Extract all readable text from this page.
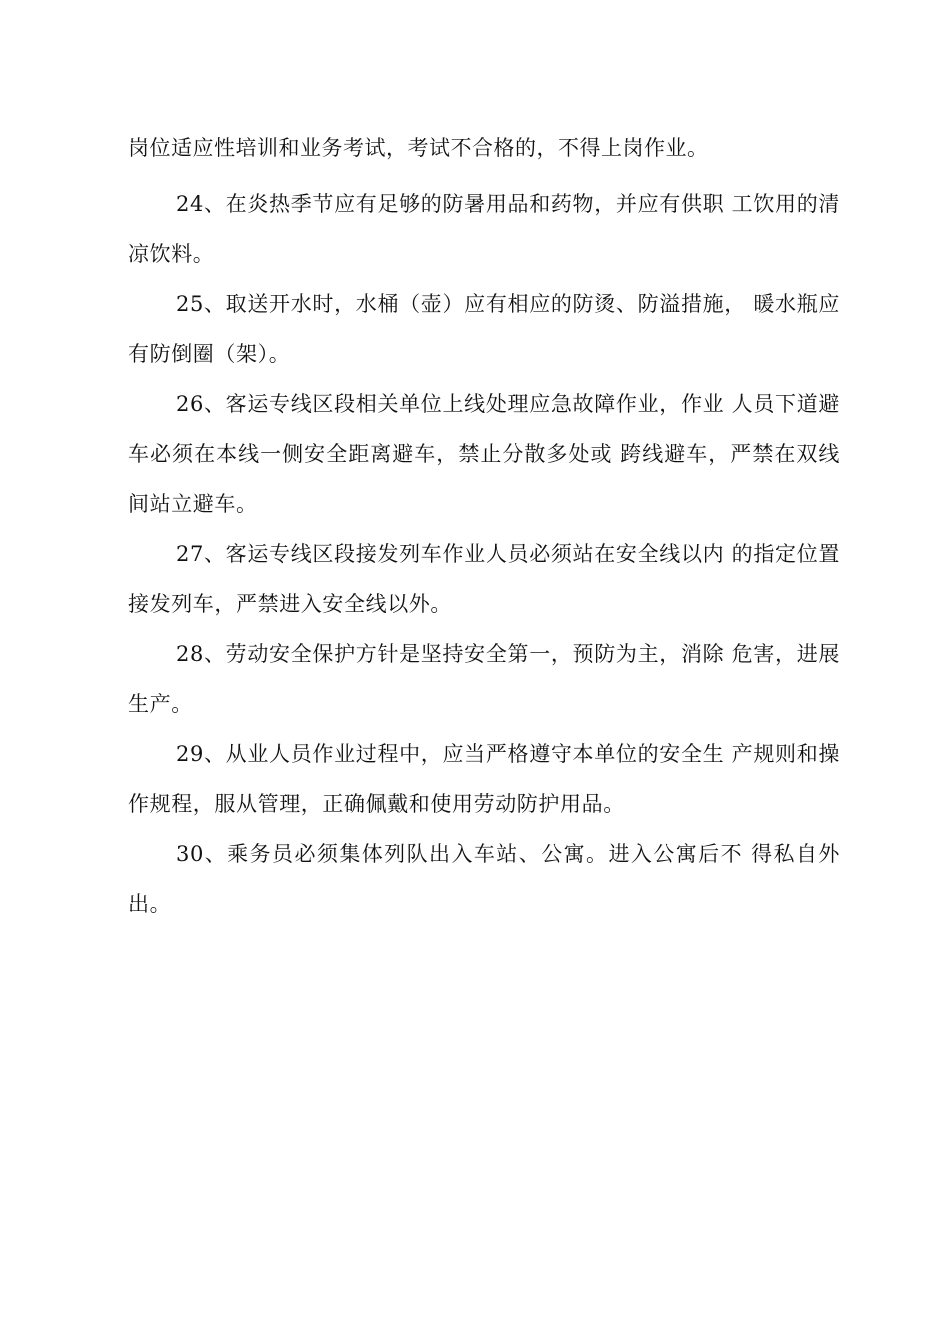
岗位适应性培训和业务考试，考试不合格的，不得上岗作业。

24、在炎热季节应有足够的防暑用品和药物，并应有供职 工饮用的清凉饮料。

25、取送开水时，水桶（壶）应有相应的防烫、防溢措施， 暖水瓶应有防倒圈（架）。

26、客运专线区段相关单位上线处理应急故障作业，作业 人员下道避车必须在本线一侧安全距离避车，禁止分散多处或 跨线避车，严禁在双线间站立避车。

27、客运专线区段接发列车作业人员必须站在安全线以内 的指定位置接发列车，严禁进入安全线以外。

28、劳动安全保护方针是坚持安全第一，预防为主，消除 危害，进展生产。

29、从业人员作业过程中，应当严格遵守本单位的安全生 产规则和操作规程，服从管理，正确佩戴和使用劳动防护用品。

30、乘务员必须集体列队出入车站、公寓。进入公寓后不 得私自外出。
